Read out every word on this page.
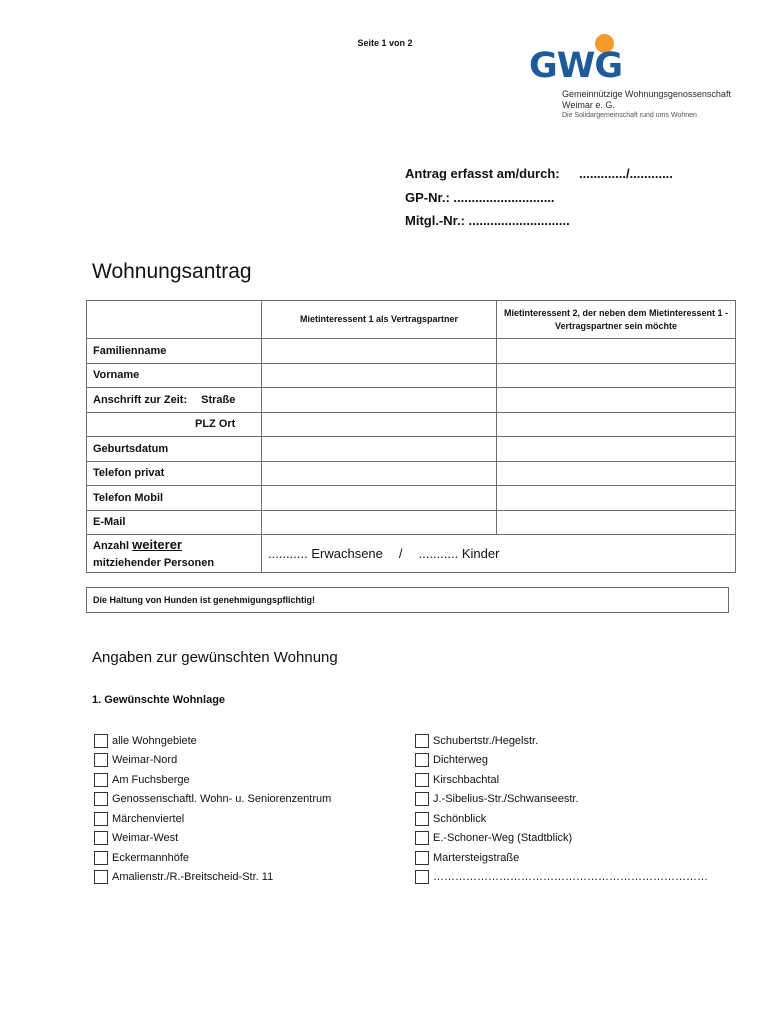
Seite 1 von 2
GWG
Gemeinnützige Wohnungsgenossenschaft
Weimar e. G.
Die Solidargemeinschaft rund ums Wohnen
Antrag erfasst am/durch: ............./............
GP-Nr.: ............................
Mitgl.-Nr.: ............................
Wohnungsantrag
	Mietinteressent 1 als Vertragspartner	Mietinteressent 2, der neben dem Mietinteressent 1 - Vertragspartner sein möchte
Familienname		
Vorname		
Anschrift zur Zeit: Straße		
PLZ Ort		
Geburtsdatum		
Telefon privat		
Telefon Mobil		
E-Mail		
Anzahl weiterer
mitziehender Personen	........... Erwachsene / ........... Kinder	
Die Haltung von Hunden ist genehmigungspflichtig!
Angaben zur gewünschten Wohnung
1. Gewünschte Wohnlage
alle Wohngebiete
Weimar-Nord
Am Fuchsberge
Genossenschaftl. Wohn- u. Seniorenzentrum
Märchenviertel
Weimar-West
Eckermannhöfe
Amalienstr./R.-Breitscheid-Str. 11
Schubertstr./Hegelstr.
Dichterweg
Kirschbachtal
J.-Sibelius-Str./Schwanseestr.
Schönblick
E.-Schoner-Weg (Stadtblick)
Martersteigstraße
…………………………………………………………………
